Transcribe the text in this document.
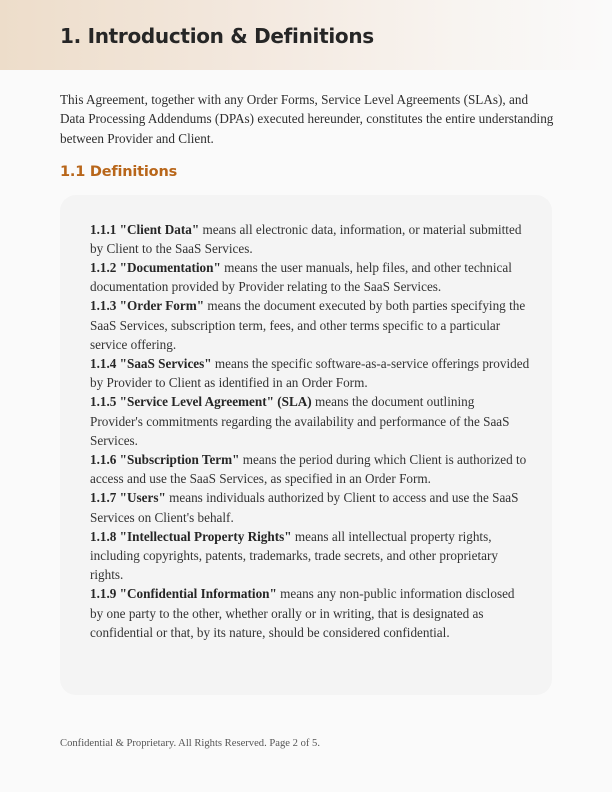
1. Introduction & Definitions

This Agreement, together with any Order Forms, Service Level Agreements (SLAs), and Data Processing Addendums (DPAs) executed hereunder, constitutes the entire understanding between Provider and Client.

1.1 Definitions
1.1.1 "Client Data" means all electronic data, information, or material submitted by Client to the SaaS Services.
1.1.2 "Documentation" means the user manuals, help files, and other technical documentation provided by Provider relating to the SaaS Services.
1.1.3 "Order Form" means the document executed by both parties specifying the SaaS Services, subscription term, fees, and other terms specific to a particular service offering.
1.1.4 "SaaS Services" means the specific software-as-a-service offerings provided by Provider to Client as identified in an Order Form.
1.1.5 "Service Level Agreement" (SLA) means the document outlining Provider's commitments regarding the availability and performance of the SaaS Services.
1.1.6 "Subscription Term" means the period during which Client is authorized to access and use the SaaS Services, as specified in an Order Form.
1.1.7 "Users" means individuals authorized by Client to access and use the SaaS Services on Client's behalf.
1.1.8 "Intellectual Property Rights" means all intellectual property rights, including copyrights, patents, trademarks, trade secrets, and other proprietary rights.
1.1.9 "Confidential Information" means any non-public information disclosed by one party to the other, whether orally or in writing, that is designated as confidential or that, by its nature, should be considered confidential.

Confidential & Proprietary. All Rights Reserved. Page 2 of 5.
